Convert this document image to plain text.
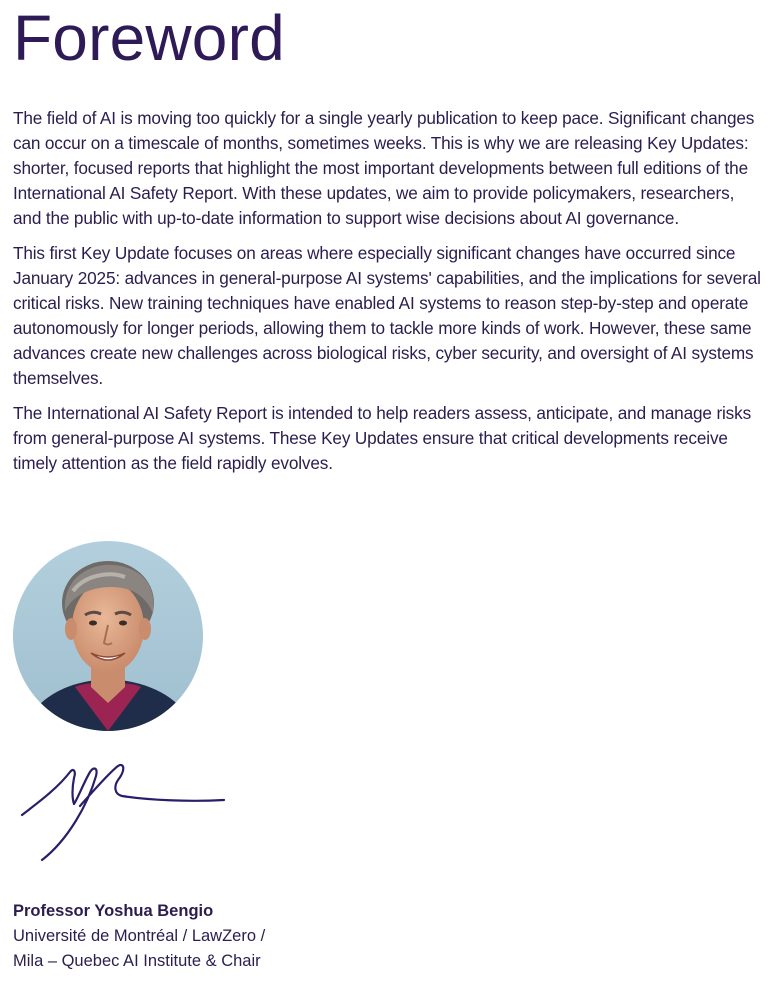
Foreword

The field of AI is moving too quickly for a single yearly publication to keep pace. Significant changes can occur on a timescale of months, sometimes weeks. This is why we are releasing Key Updates: shorter, focused reports that highlight the most important developments between full editions of the International AI Safety Report. With these updates, we aim to provide policymakers, researchers, and the public with up-to-date information to support wise decisions about AI governance.

This first Key Update focuses on areas where especially significant changes have occurred since January 2025: advances in general-purpose AI systems' capabilities, and the implications for several critical risks. New training techniques have enabled AI systems to reason step-by-step and operate autonomously for longer periods, allowing them to tackle more kinds of work. However, these same advances create new challenges across biological risks, cyber security, and oversight of AI systems themselves.

The International AI Safety Report is intended to help readers assess, anticipate, and manage risks from general-purpose AI systems. These Key Updates ensure that critical developments receive timely attention as the field rapidly evolves.

Professor Yoshua Bengio
Université de Montréal / LawZero /
Mila – Quebec AI Institute & Chair
